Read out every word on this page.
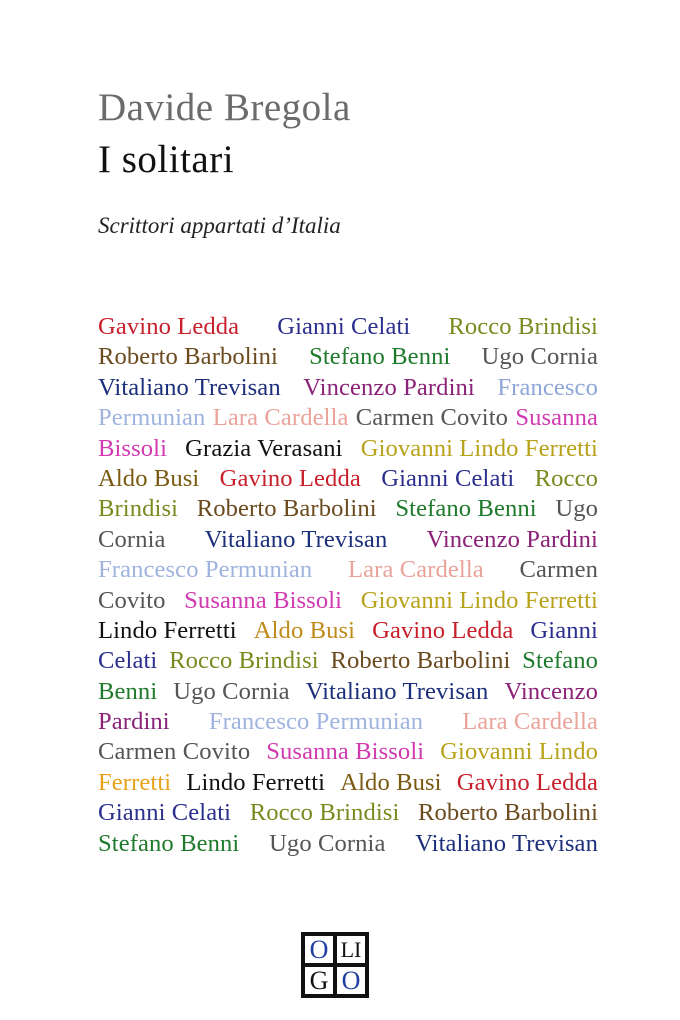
Davide Bregola
I solitari

Scrittori appartati d’Italia

Gavino Ledda Gianni Celati Rocco Brindisi
Roberto Barbolini Stefano Benni Ugo Cornia
Vitaliano Trevisan Vincenzo Pardini Francesco
Permunian Lara Cardella Carmen Covito Susanna
Bissoli Grazia Verasani Giovanni Lindo Ferretti
Aldo Busi Gavino Ledda Gianni Celati Rocco
Brindisi Roberto Barbolini Stefano Benni Ugo
Cornia Vitaliano Trevisan Vincenzo Pardini
Francesco Permunian Lara Cardella Carmen
Covito Susanna Bissoli Giovanni Lindo Ferretti
Lindo Ferretti Aldo Busi Gavino Ledda Gianni
Celati Rocco Brindisi Roberto Barbolini Stefano
Benni Ugo Cornia Vitaliano Trevisan Vincenzo
Pardini Francesco Permunian Lara Cardella
Carmen Covito Susanna Bissoli Giovanni Lindo
Ferretti Lindo Ferretti Aldo Busi Gavino Ledda
Gianni Celati Rocco Brindisi Roberto Barbolini
Stefano Benni Ugo Cornia Vitaliano Trevisan
O LI
G O
